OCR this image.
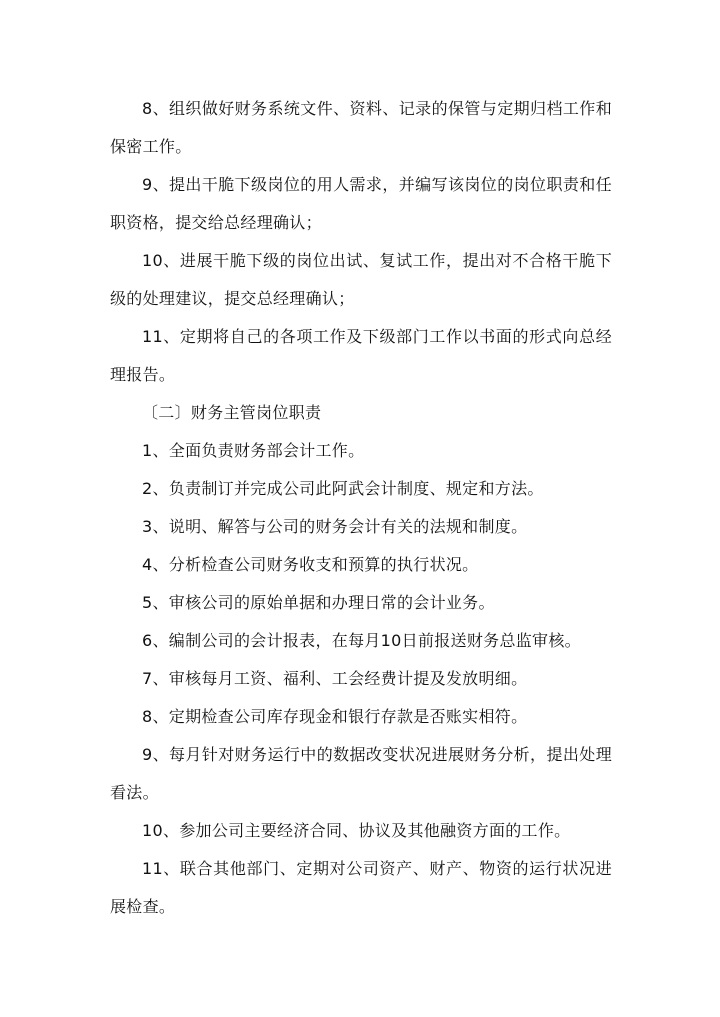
8、组织做好财务系统文件、资料、记录的保管与定期归档工作和保密工作。

9、提出干脆下级岗位的用人需求，并编写该岗位的岗位职责和任职资格，提交给总经理确认；

10、进展干脆下级的岗位出试、复试工作，提出对不合格干脆下级的处理建议，提交总经理确认；

11、定期将自己的各项工作及下级部门工作以书面的形式向总经理报告。

〔二〕财务主管岗位职责

1、全面负责财务部会计工作。

2、负责制订并完成公司此阿武会计制度、规定和方法。

3、说明、解答与公司的财务会计有关的法规和制度。

4、分析检查公司财务收支和预算的执行状况。

5、审核公司的原始单据和办理日常的会计业务。

6、编制公司的会计报表，在每月10日前报送财务总监审核。

7、审核每月工资、福利、工会经费计提及发放明细。

8、定期检查公司库存现金和银行存款是否账实相符。

9、每月针对财务运行中的数据改变状况进展财务分析，提出处理看法。

10、参加公司主要经济合同、协议及其他融资方面的工作。

11、联合其他部门、定期对公司资产、财产、物资的运行状况进展检查。
